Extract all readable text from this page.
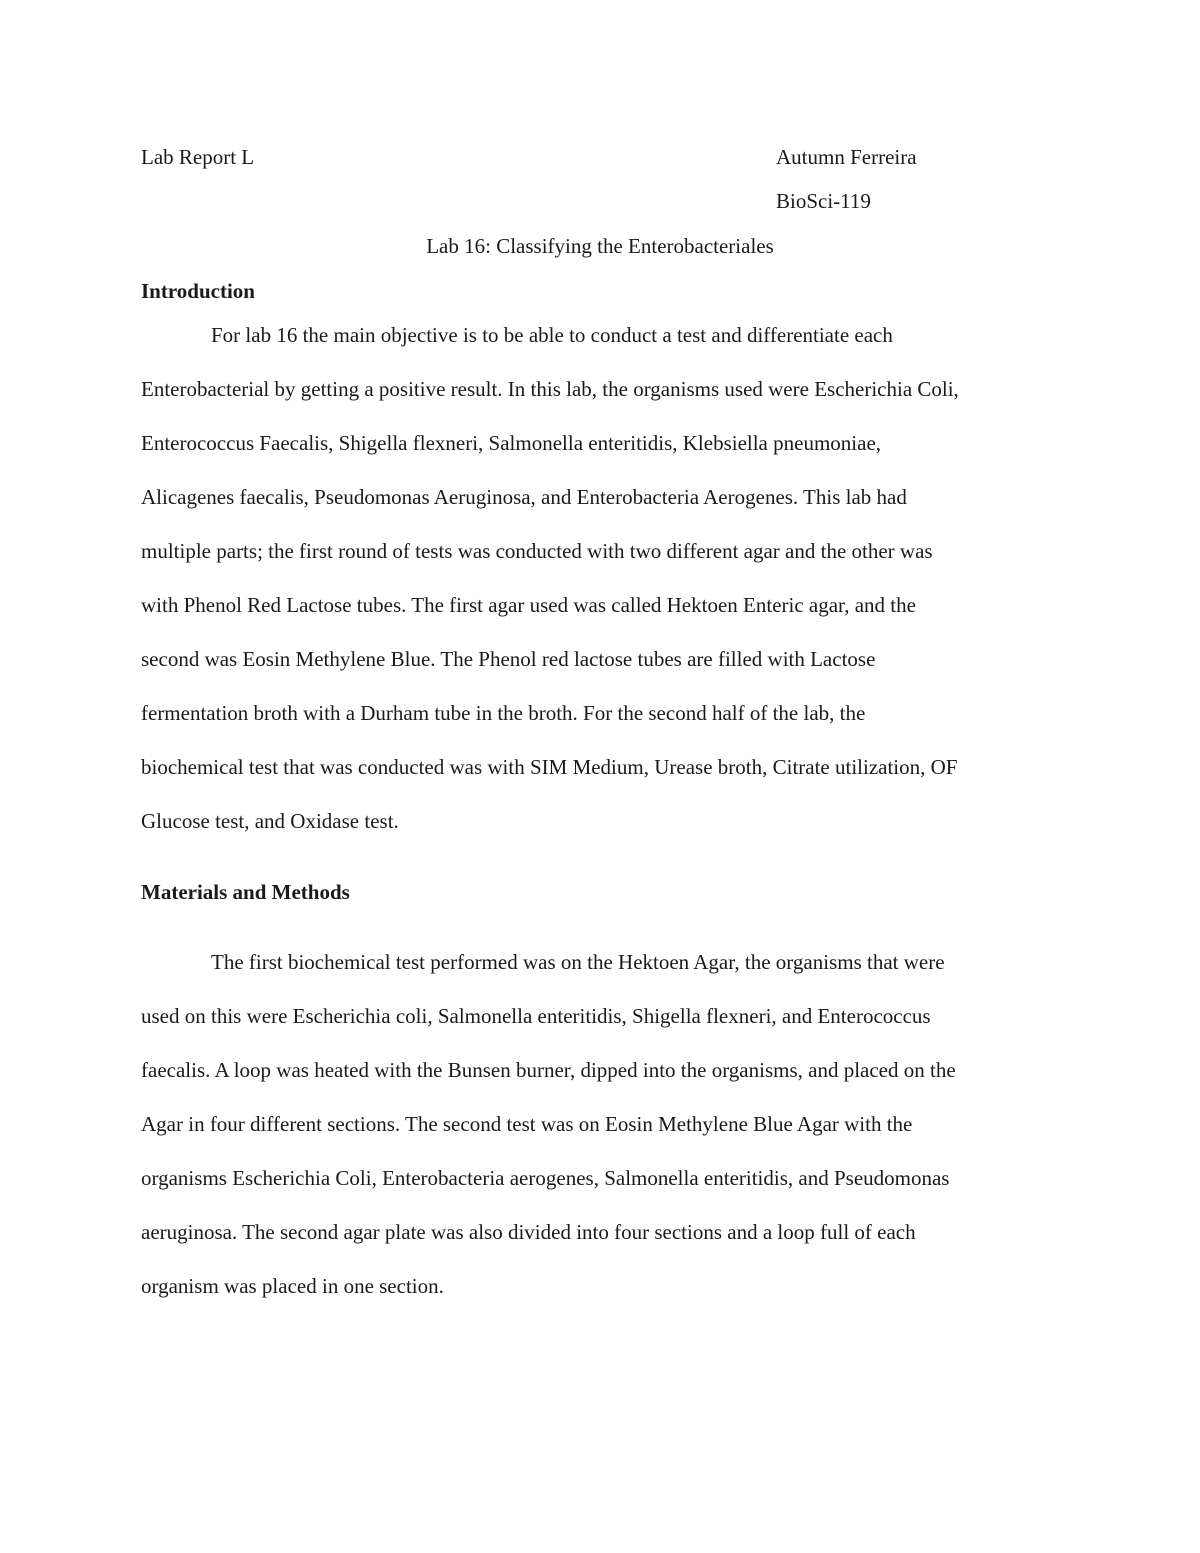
Lab Report L	Autumn Ferreira
BioSci-119
Lab 16: Classifying the Enterobacteriales
Introduction
For lab 16 the main objective is to be able to conduct a test and differentiate each
Enterobacterial by getting a positive result. In this lab, the organisms used were Escherichia Coli,
Enterococcus Faecalis, Shigella flexneri, Salmonella enteritidis, Klebsiella pneumoniae,
Alicagenes faecalis, Pseudomonas Aeruginosa, and Enterobacteria Aerogenes. This lab had
multiple parts; the first round of tests was conducted with two different agar and the other was
with Phenol Red Lactose tubes. The first agar used was called Hektoen Enteric agar, and the
second was Eosin Methylene Blue. The Phenol red lactose tubes are filled with Lactose
fermentation broth with a Durham tube in the broth. For the second half of the lab, the
biochemical test that was conducted was with SIM Medium, Urease broth, Citrate utilization, OF
Glucose test, and Oxidase test.
Materials and Methods
The first biochemical test performed was on the Hektoen Agar, the organisms that were
used on this were Escherichia coli, Salmonella enteritidis, Shigella flexneri, and Enterococcus
faecalis. A loop was heated with the Bunsen burner, dipped into the organisms, and placed on the
Agar in four different sections. The second test was on Eosin Methylene Blue Agar with the
organisms Escherichia Coli, Enterobacteria aerogenes, Salmonella enteritidis, and Pseudomonas
aeruginosa. The second agar plate was also divided into four sections and a loop full of each
organism was placed in one section.
